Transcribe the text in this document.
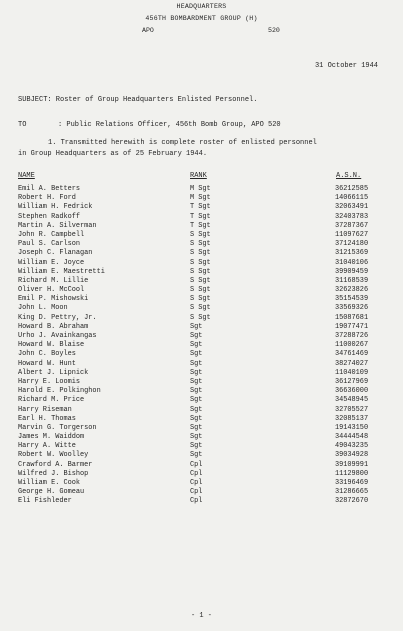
HEADQUARTERS
456TH BOMBARDMENT GROUP (H)
APO	520
31 October 1944
SUBJECT: Roster of Group Headquarters Enlisted Personnel.
TO	: Public Relations Officer, 456th Bomb Group, APO 520
1. Transmitted herewith is complete roster of enlisted personnel
in Group Headquarters as of 25 February 1944.
NAME	RANK	A.S.N.
Emil A. Betters	M Sgt	36212585
Robert H. Ford	M Sgt	14066115
William H. Fedrick	T Sgt	32063491
Stephen Radkoff	T Sgt	32403783
Martin A. Silverman	T Sgt	37287367
John R. Campbell	S Sgt	11097627
Paul S. Carlson	S Sgt	37124180
Joseph C. Flanagan	S Sgt	31215369
William E. Joyce	S Sgt	31040106
William E. Maestretti	S Sgt	39909459
Richard M. Lillie	S Sgt	31168539
Oliver H. McCool	S Sgt	32623826
Emil P. Mishowski	S Sgt	35154539
John L. Moon	S Sgt	33569326
King D. Pettry, Jr.	S Sgt	15087681
Howard B. Abraham	Sgt	19077471
Urho J. Avainkangas	Sgt	37288726
Howard W. Blaise	Sgt	11000267
John C. Boyles	Sgt	34761469
Howard W. Hunt	Sgt	38274027
Albert J. Lipnick	Sgt	11040109
Harry E. Loomis	Sgt	36127969
Harold E. Polkinghon	Sgt	36636000
Richard M. Price	Sgt	34548945
Harry Riseman	Sgt	32705527
Earl H. Thomas	Sgt	32085137
Marvin G. Torgerson	Sgt	19143150
James M. Waiddom	Sgt	34444548
Harry A. Witte	Sgt	49043235
Robert W. Woolley	Sgt	39034928
Crawford A. Barmer	Cpl	39109991
Wilfred J. Bishop	Cpl	11129800
William E. Cook	Cpl	33196469
George H. Gomeau	Cpl	31286665
Eli Fishleder	Cpl	32872670
- 1 -
